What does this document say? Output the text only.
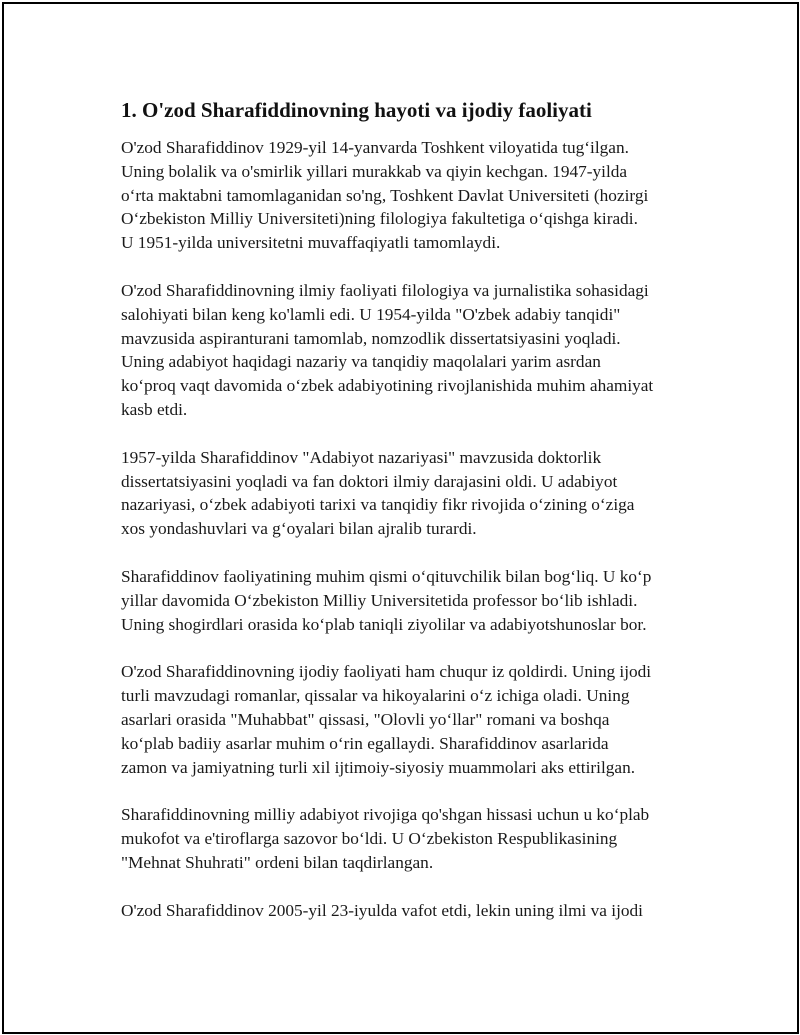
1. O'zod Sharafiddinovning hayoti va ijodiy faoliyati

O'zod Sharafiddinov 1929-yil 14-yanvarda Toshkent viloyatida tug‘ilgan.
Uning bolalik va o'smirlik yillari murakkab va qiyin kechgan. 1947-yilda
o‘rta maktabni tamomlaganidan so'ng, Toshkent Davlat Universiteti (hozirgi
O‘zbekiston Milliy Universiteti)ning filologiya fakultetiga o‘qishga kiradi.
U 1951-yilda universitetni muvaffaqiyatli tamomlaydi.

O'zod Sharafiddinovning ilmiy faoliyati filologiya va jurnalistika sohasidagi
salohiyati bilan keng ko'lamli edi. U 1954-yilda "O'zbek adabiy tanqidi"
mavzusida aspiranturani tamomlab, nomzodlik dissertatsiyasini yoqladi.
Uning adabiyot haqidagi nazariy va tanqidiy maqolalari yarim asrdan
ko‘proq vaqt davomida o‘zbek adabiyotining rivojlanishida muhim ahamiyat
kasb etdi.

1957-yilda Sharafiddinov "Adabiyot nazariyasi" mavzusida doktorlik
dissertatsiyasini yoqladi va fan doktori ilmiy darajasini oldi. U adabiyot
nazariyasi, o‘zbek adabiyoti tarixi va tanqidiy fikr rivojida o‘zining o‘ziga
xos yondashuvlari va g‘oyalari bilan ajralib turardi.

Sharafiddinov faoliyatining muhim qismi o‘qituvchilik bilan bog‘liq. U ko‘p
yillar davomida O‘zbekiston Milliy Universitetida professor bo‘lib ishladi.
Uning shogirdlari orasida ko‘plab taniqli ziyolilar va adabiyotshunoslar bor.

O'zod Sharafiddinovning ijodiy faoliyati ham chuqur iz qoldirdi. Uning ijodi
turli mavzudagi romanlar, qissalar va hikoyalarini o‘z ichiga oladi. Uning
asarlari orasida "Muhabbat" qissasi, "Olovli yo‘llar" romani va boshqa
ko‘plab badiiy asarlar muhim o‘rin egallaydi. Sharafiddinov asarlarida
zamon va jamiyatning turli xil ijtimoiy-siyosiy muammolari aks ettirilgan.

Sharafiddinovning milliy adabiyot rivojiga qo'shgan hissasi uchun u ko‘plab
mukofot va e'tiroflarga sazovor bo‘ldi. U O‘zbekiston Respublikasining
"Mehnat Shuhrati" ordeni bilan taqdirlangan.

O'zod Sharafiddinov 2005-yil 23-iyulda vafot etdi, lekin uning ilmi va ijodi
